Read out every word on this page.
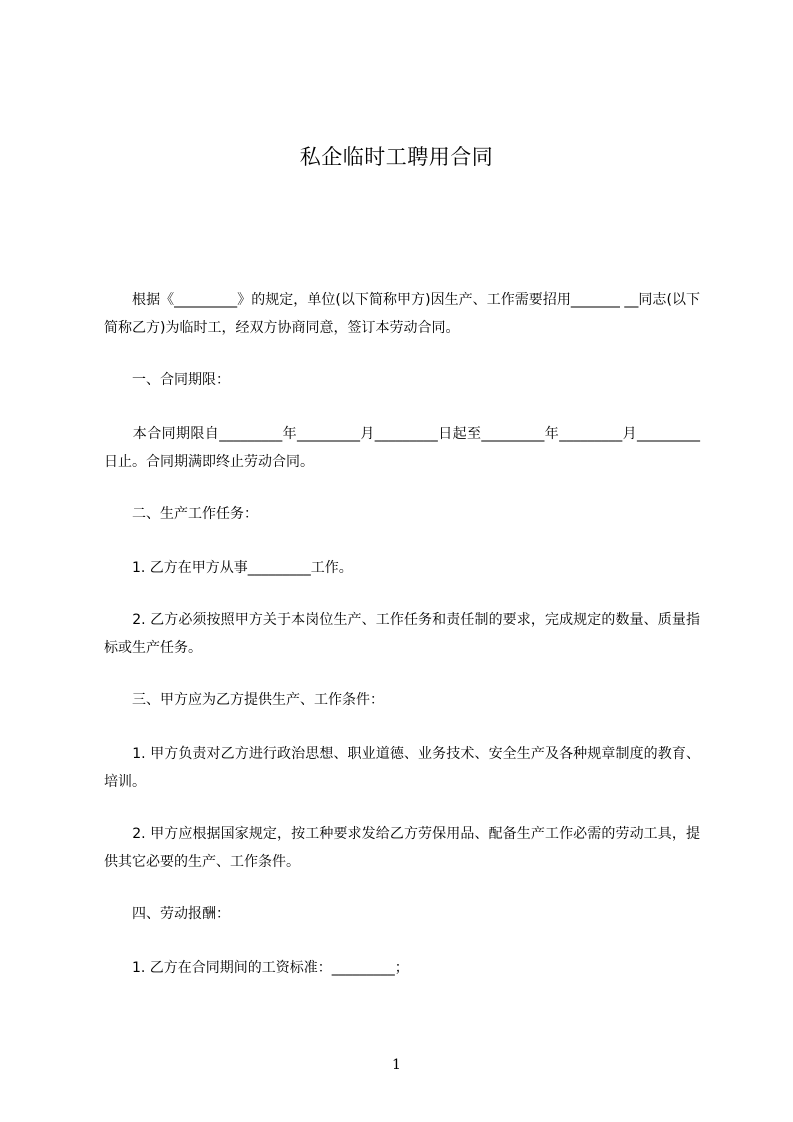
私企临时工聘用合同
　　根据《_________》的规定，单位(以下简称甲方)因生产、工作需要招用_______ __同志(以下简称乙方)为临时工，经双方协商同意，签订本劳动合同。
　　一、合同期限：
　　本合同期限自_________年_________月_________日起至_________年_________月_________日止。合同期满即终止劳动合同。
　　二、生产工作任务：
　　1. 乙方在甲方从事_________工作。
　　2. 乙方必须按照甲方关于本岗位生产、工作任务和责任制的要求，完成规定的数量、质量指标或生产任务。
　　三、甲方应为乙方提供生产、工作条件：
　　1. 甲方负责对乙方进行政治思想、职业道德、业务技术、安全生产及各种规章制度的教育、培训。
　　2. 甲方应根据国家规定，按工种要求发给乙方劳保用品、配备生产工作必需的劳动工具，提供其它必要的生产、工作条件。
　　四、劳动报酬：
　　1. 乙方在合同期间的工资标准：_________；
1
